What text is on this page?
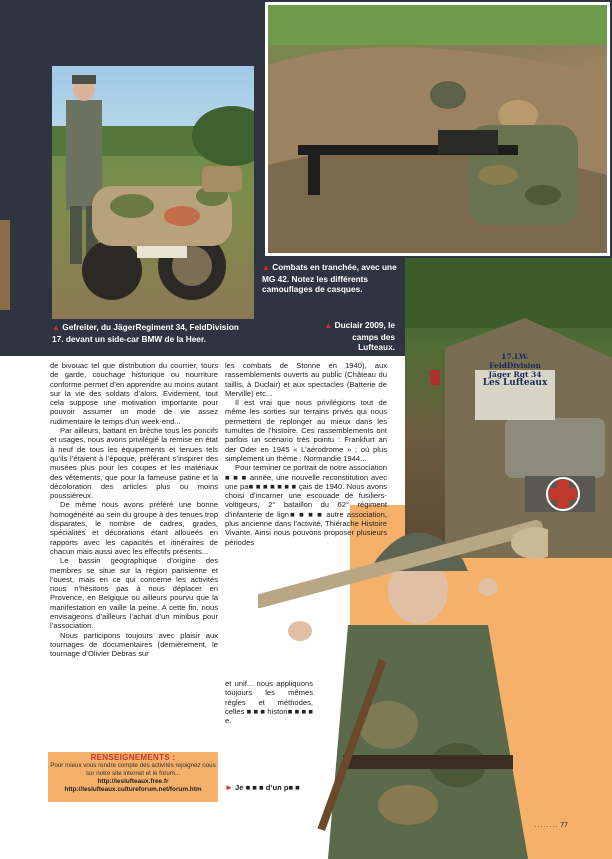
17.LW. FeldDivision
Jäger Rgt 34
Les Lufteaux
▲ Gefreiter, du JägerRegiment 34, FeldDivision 17. devant un side-car BMW de la Heer.
▲ Combats en tranchée, avec une MG 42. Notez les différents camouflages de casques.
▲ Duclair 2009, le camps des Lufteaux.

de bivouac tel que distribution du courrier, tours de garde, couchage historique ou nourriture conforme permet d’en apprendre au moins autant sur la vie des soldats d’alors. Evidement, tout cela suppose une motivation importante pour pouvoir assumer un mode de vie assez rudimentaire le temps d’un week-end...

Par ailleurs, battant en brèche tous les poncifs et usages, nous avons privilégié la remise en état à neuf de tous les équipements et tenues tels qu’ils l’étaient à l’époque, préférant s’inspirer des musées plus pour les coupes et les matériaux des vêtements, que pour la fameuse patine et la décoloration des articles plus ou moins poussiéreux.

De même nous avons préféré une bonne homogénéité au sein du groupe à des tenues trop disparates, le nombre de cadres, grades, spécialités et décorations étant alloueés en rapports avec les capacités et itinéraires de chacun mais aussi avec les effectifs présents...

Le bassin géographique d’origine des membres se situe sur la région parisienne et l’ouest, mais en ce qui concerne les activités nous n’hésitons pas à nous déplacer en Provence, en Belgique ou ailleurs pourvu que la manifestation en vaille la peine. A cette fin, nous envisageons d’ailleurs l’achat d’un minibus pour l’association.

Nous participons toujours avec plaisir aux tournages de documentaires (dernièrement, le tournage d’Olivier Debras sur

les combats de Stonne en 1940), aux rassemblements ouverts au public (Château du taillis, à Duclair) et aux spectacles (Batterie de Merville) etc...

Il est vrai que nous privilégions tout de même les sorties sur terrains privés qui nous permettent de replonger au mieux dans les tumultes de l’histoire. Ces rassemblements ont parfois un scénario très pointu : Frankfurt an der Oder en 1945 « L’aérodrome » ; où plus simplement un thème : Normandie 1944...

Pour terminer ce portrait de notre association ■ ■ ■ année, une nouvelle reconstitution avec une pa■ ■ ■ ■ ■ ■ ■ çais de 1940. Nous avons choisi d’incarner une escouade de fusiliers-voltigeurs, 2° bataillon du 62° régiment d’infanterie de lign■ ■ ■ ■ autre association, plus ancienne dans l’activité, Thiérache Histoire Vivante. Ainsi nous pouvons proposer plusieurs périodes

et unif... nous appliquons toujours les mêmes règles et méthodes, celles ■ ■ ■ histori■ ■ ■ ■ e.

► Je ■ ■ ■ d’un p■ ■
RENSEIGNEMENTS :
Pour mieux vous rendre compte des activités rejoignez nous sur notre site internet et le forum...
http://leslufteaux.free.fr
http://leslufteaux.cultureforum.net/forum.htm
........ 77
